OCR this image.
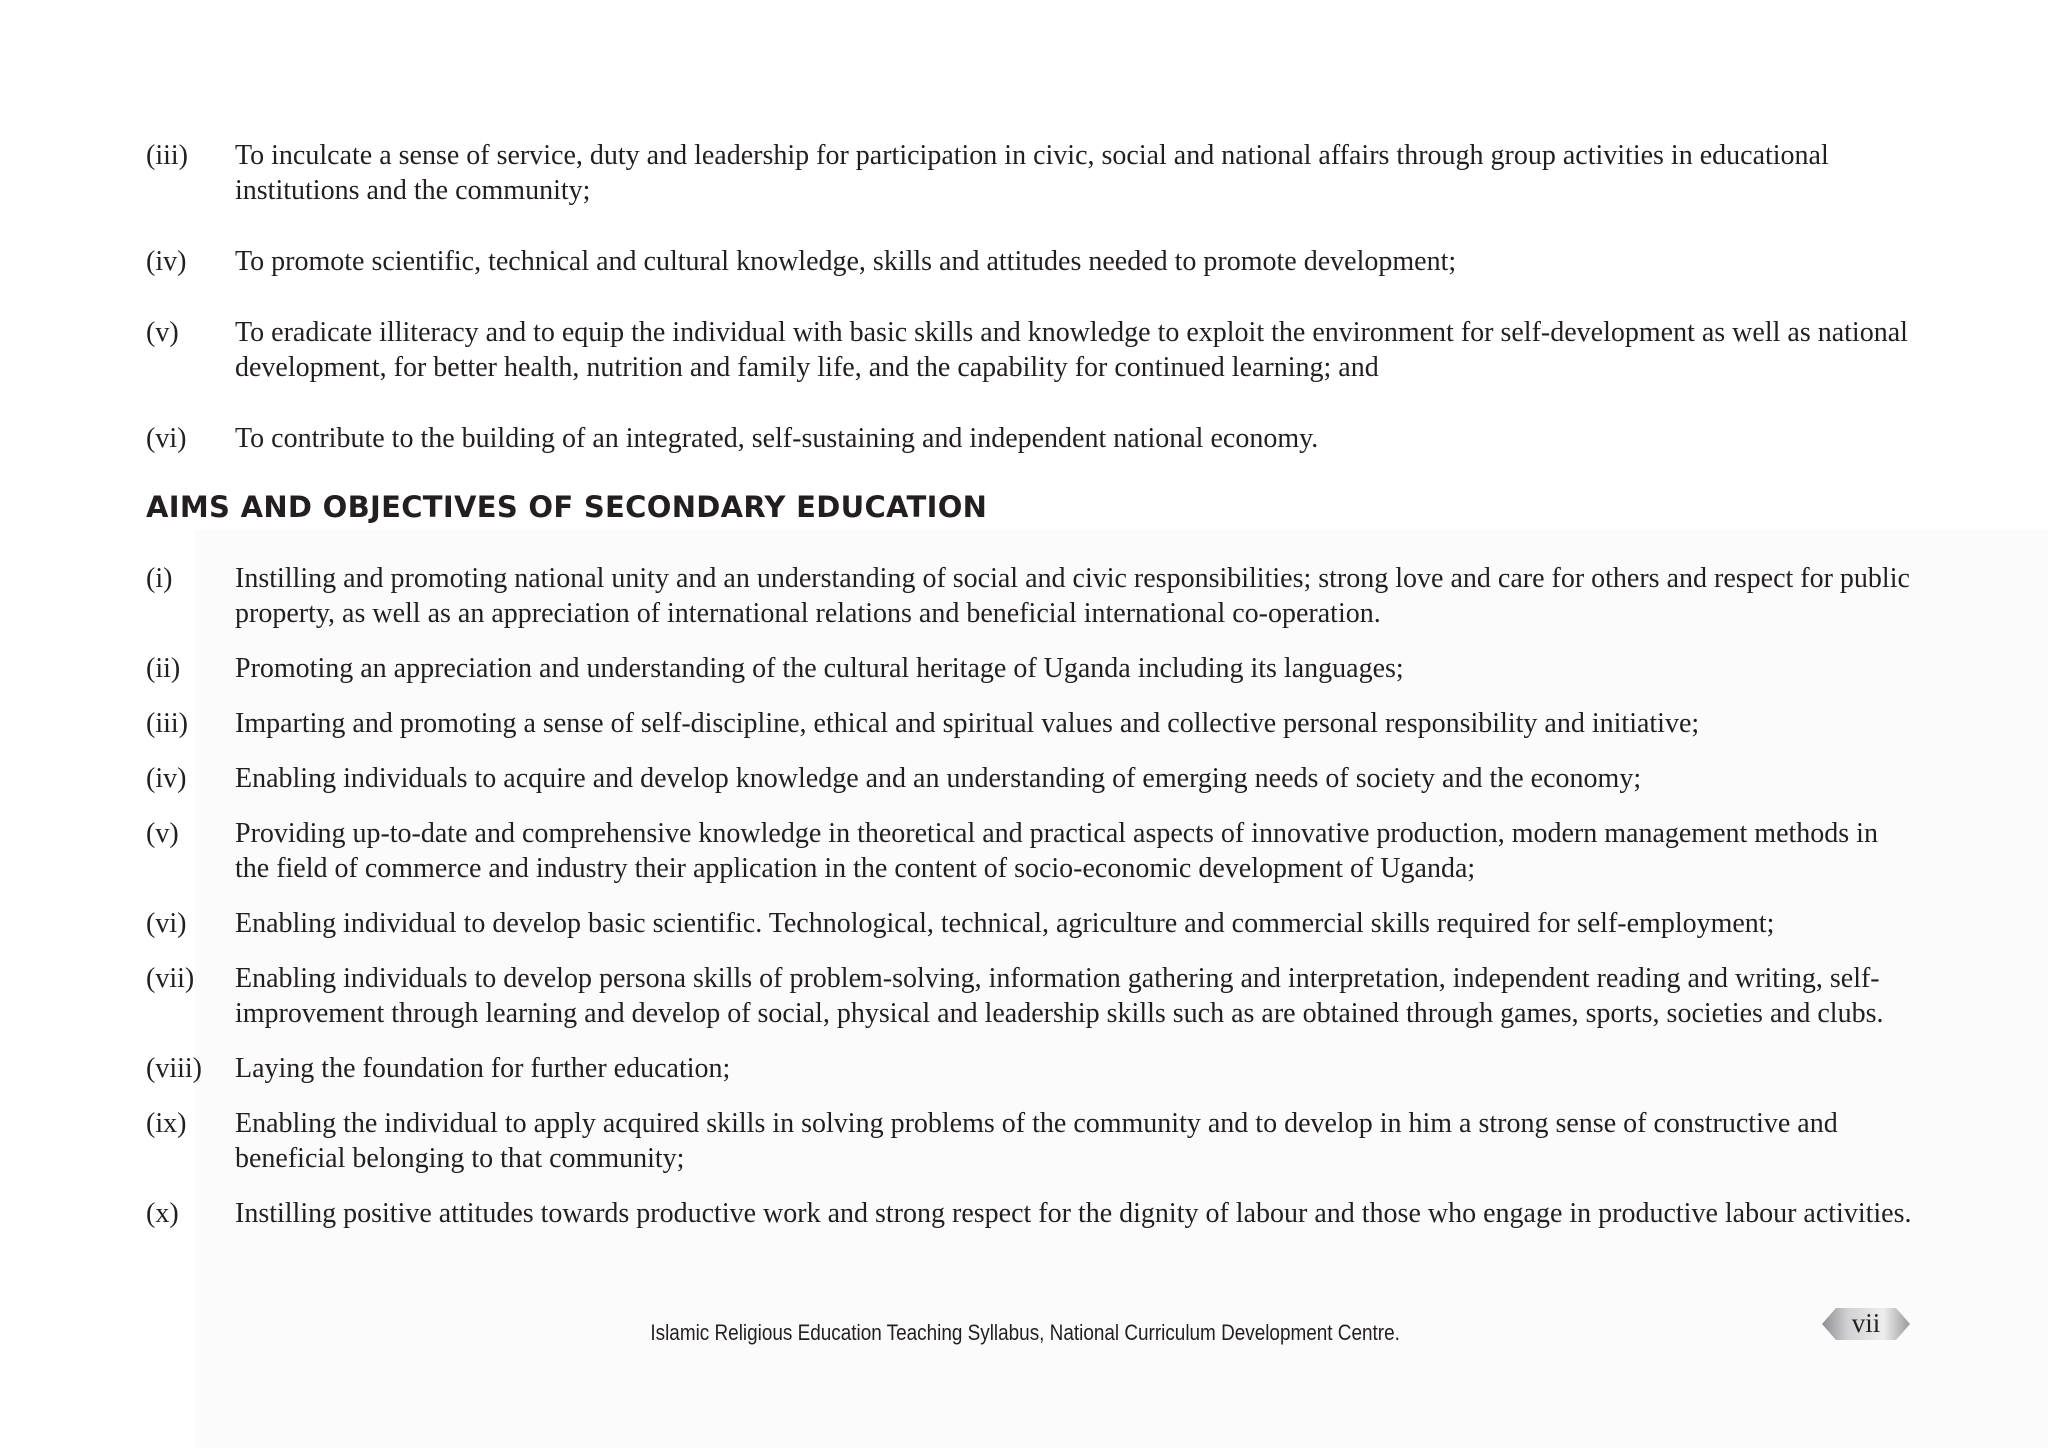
(iii)	To inculcate a sense of service, duty and leadership for participation in civic, social and national affairs through group activities in educational institutions and the community;
(iv)	To promote scientific, technical and cultural knowledge, skills and attitudes needed to promote development;
(v)	To eradicate illiteracy and to equip the individual with basic skills and knowledge to exploit the environment for self-development as well as national development, for better health, nutrition and family life, and the capability for continued learning; and
(vi)	To contribute to the building of an integrated, self-sustaining and independent national economy.
AIMS AND OBJECTIVES OF SECONDARY EDUCATION
(i)	Instilling and promoting national unity and an understanding of social and civic responsibilities; strong love and care for others and respect for public property, as well as an appreciation of international relations and beneficial international co-operation.
(ii)	Promoting an appreciation and understanding of the cultural heritage of Uganda including its languages;
(iii)	Imparting and promoting a sense of self-discipline, ethical and spiritual values and collective personal responsibility and initiative;
(iv)	Enabling individuals to acquire and develop knowledge and an understanding of emerging needs of society and the economy;
(v)	Providing up-to-date and comprehensive knowledge in theoretical and practical aspects of innovative production, modern management methods in the field of commerce and industry their application in the content of socio-economic development of Uganda;
(vi)	Enabling individual to develop basic scientific. Technological, technical, agriculture and commercial skills required for self-employment;
(vii)	Enabling individuals to develop persona skills of problem-solving, information gathering and interpretation, independent reading and writing, self-improvement through learning and develop of social, physical and leadership skills such as are obtained through games, sports, societies and clubs.
(viii)	Laying the foundation for further education;
(ix)	Enabling the individual to apply acquired skills in solving problems of the community and to develop in him a strong sense of constructive and beneficial belonging to that community;
(x)	Instilling positive attitudes towards productive work and strong respect for the dignity of labour and those who engage in productive labour activities.
Islamic Religious Education Teaching Syllabus, National Curriculum Development Centre.	vii
